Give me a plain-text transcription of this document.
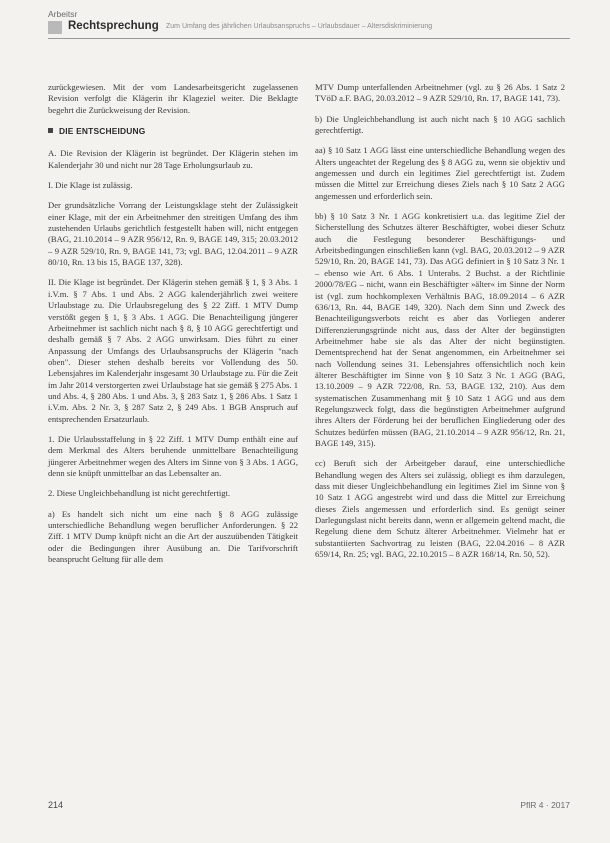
Arbeitsr
Rechtsprechung Zum Umfang des jährlichen Urlaubsanspruchs – Urlaubsdauer – Altersdiskriminierung

zurückgewiesen. Mit der vom Landesarbeitsgericht zugelassenen Revision verfolgt die Klägerin ihr Klageziel weiter. Die Beklagte begehrt die Zurückweisung der Revision.

DIE ENTSCHEIDUNG

A. Die Revision der Klägerin ist begründet. Der Klägerin stehen im Kalenderjahr 30 und nicht nur 28 Tage Erholungsurlaub zu.

I. Die Klage ist zulässig.

Der grundsätzliche Vorrang der Leistungsklage steht der Zulässigkeit einer Klage, mit der ein Arbeitnehmer den streitigen Umfang des ihm zustehenden Urlaubs gerichtlich festgestellt haben will, nicht entgegen (BAG, 21.10.2014 – 9 AZR 956/12, Rn. 9, BAGE 149, 315; 20.03.2012 – 9 AZR 529/10, Rn. 9, BAGE 141, 73; vgl. BAG, 12.04.2011 – 9 AZR 80/10, Rn. 13 bis 15, BAGE 137, 328).

II. Die Klage ist begründet. Der Klägerin stehen gemäß § 1, § 3 Abs. 1 i.V.m. § 7 Abs. 1 und Abs. 2 AGG kalenderjährlich zwei weitere Urlaubstage zu. Die Urlaubsregelung des § 22 Ziff. 1 MTV Dump verstößt gegen § 1, § 3 Abs. 1 AGG. Die Benachteiligung jüngerer Arbeitnehmer ist sachlich nicht nach § 8, § 10 AGG gerechtfertigt und deshalb gemäß § 7 Abs. 2 AGG unwirksam. Dies führt zu einer Anpassung der Umfangs des Urlaubsanspruchs der Klägerin "nach oben". Dieser stehen deshalb bereits vor Vollendung des 50. Lebensjahres im Kalenderjahr insgesamt 30 Urlaubstage zu. Für die Zeit im Jahr 2014 verstorgerten zwei Urlaubstage hat sie gemäß § 275 Abs. 1 und Abs. 4, § 280 Abs. 1 und Abs. 3, § 283 Satz 1, § 286 Abs. 1 Satz 1 i.V.m. Abs. 2 Nr. 3, § 287 Satz 2, § 249 Abs. 1 BGB Anspruch auf entsprechenden Ersatzurlaub.

1. Die Urlaubsstaffelung in § 22 Ziff. 1 MTV Dump enthält eine auf dem Merkmal des Alters beruhende unmittelbare Benachteiligung jüngerer Arbeitnehmer wegen des Alters im Sinne von § 3 Abs. 1 AGG, denn sie knüpft unmittelbar an das Lebensalter an.

2. Diese Ungleichbehandlung ist nicht gerechtfertigt.

a) Es handelt sich nicht um eine nach § 8 AGG zulässige unterschiedliche Behandlung wegen beruflicher Anforderungen. § 22 Ziff. 1 MTV Dump knüpft nicht an die Art der auszuübenden Tätigkeit oder die Bedingungen ihrer Ausübung an. Die Tarifvorschrift beansprucht Geltung für alle dem

MTV Dump unterfallenden Arbeitnehmer (vgl. zu § 26 Abs. 1 Satz 2 TVöD a.F. BAG, 20.03.2012 – 9 AZR 529/10, Rn. 17, BAGE 141, 73).

b) Die Ungleichbehandlung ist auch nicht nach § 10 AGG sachlich gerechtfertigt.

aa) § 10 Satz 1 AGG lässt eine unterschiedliche Behandlung wegen des Alters ungeachtet der Regelung des § 8 AGG zu, wenn sie objektiv und angemessen und durch ein legitimes Ziel gerechtfertigt ist. Zudem müssen die Mittel zur Erreichung dieses Ziels nach § 10 Satz 2 AGG angemessen und erforderlich sein.

bb) § 10 Satz 3 Nr. 1 AGG konkretisiert u.a. das legitime Ziel der Sicherstellung des Schutzes älterer Beschäftigter, wobei dieser Schutz auch die Festlegung besonderer Beschäftigungs- und Arbeitsbedingungen einschließen kann (vgl. BAG, 20.03.2012 – 9 AZR 529/10, Rn. 20, BAGE 141, 73). Das AGG definiert in § 10 Satz 3 Nr. 1 – ebenso wie Art. 6 Abs. 1 Unterabs. 2 Buchst. a der Richtlinie 2000/78/EG – nicht, wann ein Beschäftigter »älter« im Sinne der Norm ist (vgl. zum hochkomplexen Verhältnis BAG, 18.09.2014 – 6 AZR 636/13, Rn. 44, BAGE 149, 320). Nach dem Sinn und Zweck des Benachteiligungsverbots reicht es aber das Vorliegen anderer Differenzierungsgründe nicht aus, dass der Alter der begünstigten Arbeitnehmer habe sie als das Alter der nicht begünstigten. Dementsprechend hat der Senat angenommen, ein Arbeitnehmer sei nach Vollendung seines 31. Lebensjahres offensichtlich noch kein älterer Beschäftigter im Sinne von § 10 Satz 3 Nr. 1 AGG (BAG, 13.10.2009 – 9 AZR 722/08, Rn. 53, BAGE 132, 210). Aus dem systematischen Zusammenhang mit § 10 Satz 1 AGG und aus dem Regelungszweck folgt, dass die begünstigten Arbeitnehmer aufgrund ihres Alters der Förderung bei der beruflichen Eingliederung oder des Schutzes bedürfen müssen (BAG, 21.10.2014 – 9 AZR 956/12, Rn. 21, BAGE 149, 315).

cc) Beruft sich der Arbeitgeber darauf, eine unterschiedliche Behandlung wegen des Alters sei zulässig, obliegt es ihm darzulegen, dass mit dieser Ungleichbehandlung ein legitimes Ziel im Sinne von § 10 Satz 1 AGG angestrebt wird und dass die Mittel zur Erreichung dieses Ziels angemessen und erforderlich sind. Es genügt seiner Darlegungslast nicht bereits dann, wenn er allgemein geltend macht, die Regelung diene dem Schutz älterer Arbeitnehmer. Vielmehr hat er substantiierten Sachvortrag zu leisten (BAG, 22.04.2016 – 8 AZR 659/14, Rn. 25; vgl. BAG, 22.10.2015 – 8 AZR 168/14, Rn. 50, 52).

214	PflR 4 · 2017
